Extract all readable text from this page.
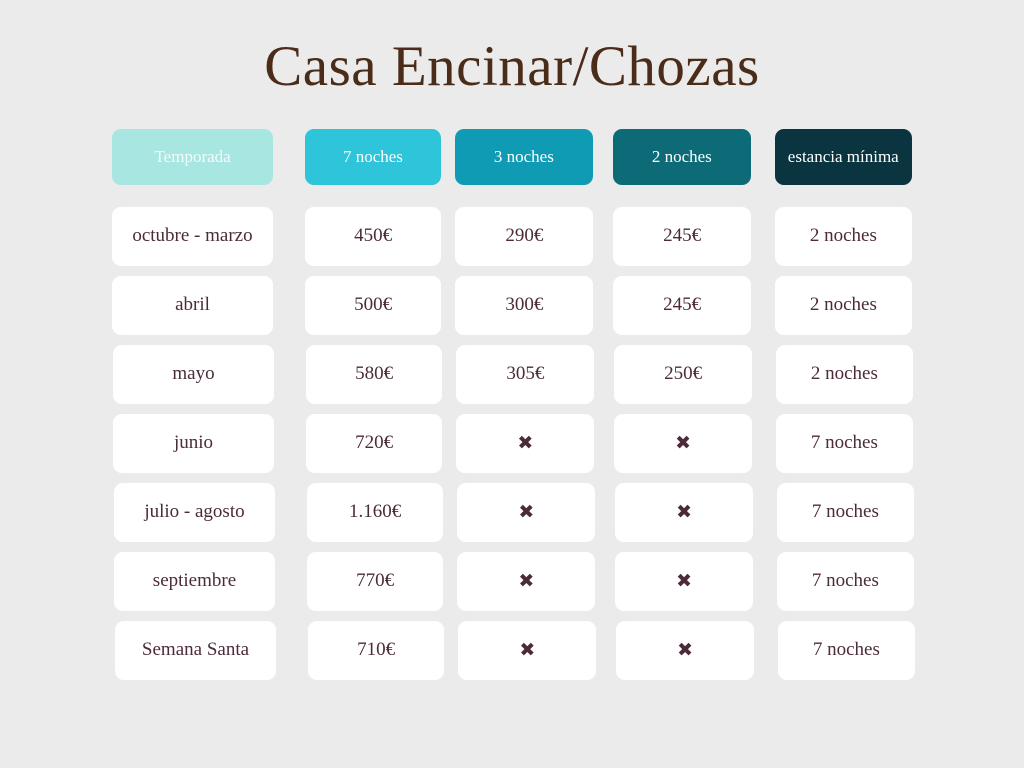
Casa Encinar/Chozas
Temporada	7 noches	3 noches	2 noches	estancia mínima
octubre - marzo	450€	290€	245€	2 noches
abril	500€	300€	245€	2 noches
mayo	580€	305€	250€	2 noches
junio	720€	✖	✖	7 noches
julio - agosto	1.160€	✖	✖	7 noches
septiembre	770€	✖	✖	7 noches
Semana Santa	710€	✖	✖	7 noches
